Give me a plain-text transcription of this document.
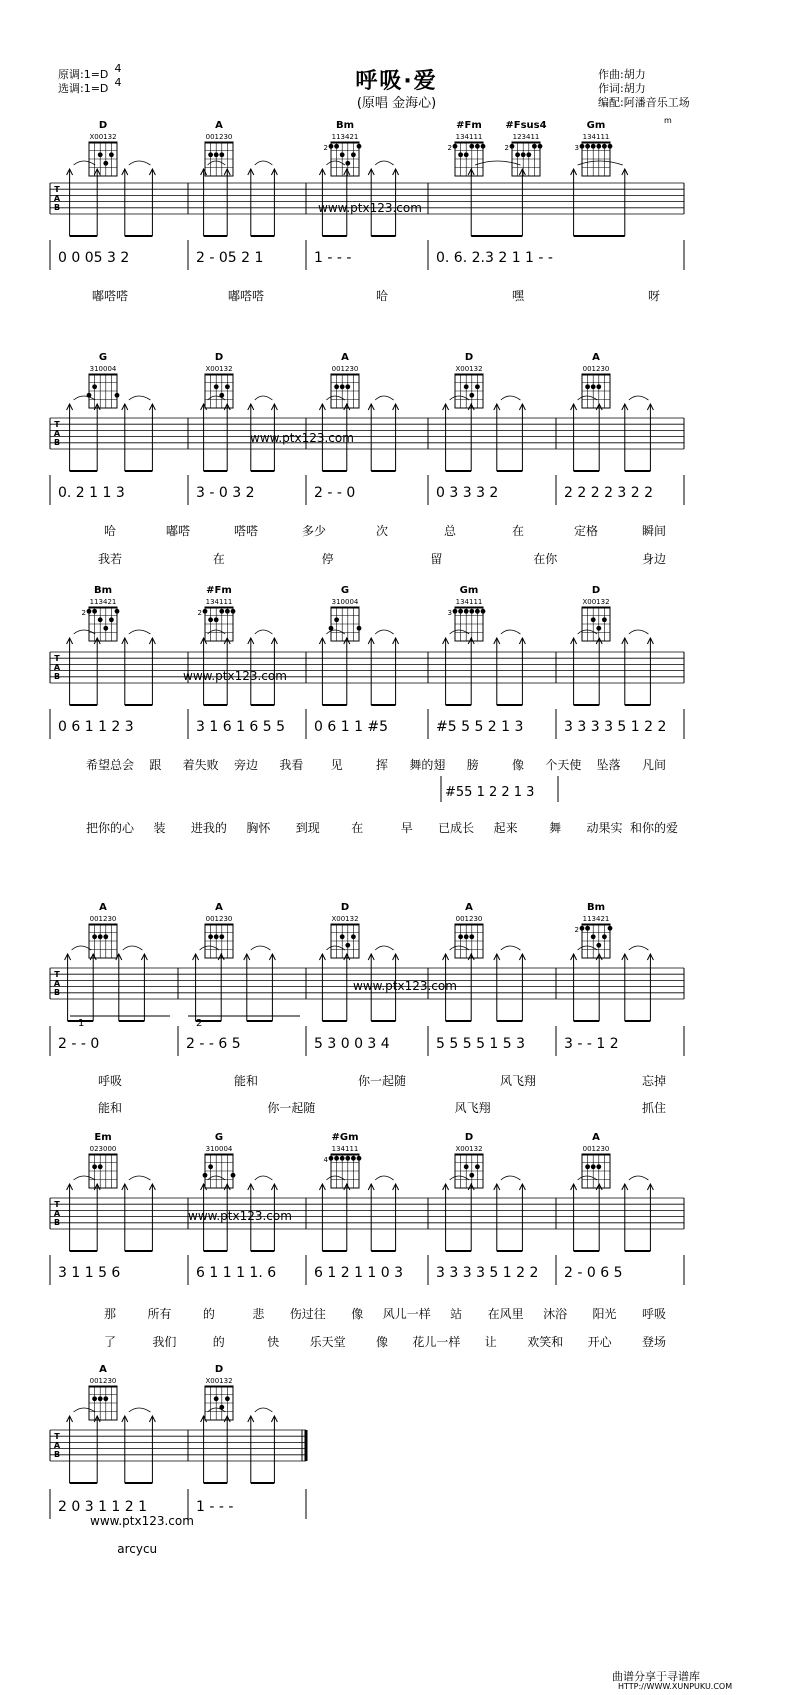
呼吸·爱
(原唱 金海心)
原调:1=D
选调:1=D
4
4
作曲:胡力
作词:胡力
编配:阿潘音乐工场
m
D
X00132
A
001230
Bm
113421
2
#Fm
134111
2
#Fsus4
123411
2
Gm
134111
3
T
A
B
0 0 05 3 2	2 - 05 2 1	1 - - -	0. 6. 2.3 2 1 1 - -
嘟嗒嗒	嘟嗒嗒	哈	嘿	呀
www.ptx123.com
G
310004
D
X00132
A
001230
D
X00132
A
001230
T
A
B
0. 2 1 1 3	3 - 0 3 2	2 - - 0	0 3 3 3 2	2 2 2 2 3 2 2
哈	嘟嗒	嗒嗒	多少	次	总	在	定格	瞬间
我若	在	停	留	在你	身边
www.ptx123.com
Bm
113421
2
#Fm
134111
2
G
310004
Gm
134111
3
D
X00132
T
A
B
0 6 1 1 2 3	3 1 6 1 6 5 5 0 6 1 1 #5	#5 5 5 2 1 3	3 3 3 3 5 1 2 2
希望总会 跟 着失败 旁边 我看 见	挥 舞的翅 膀	像 个天使 坠落 凡间
把你的心 装 进我的 胸怀 到现	在	早 已成长 起来	舞 动果实 和你的爱
www.ptx123.com
#55 1 2 2 1 3
A
001230
A
001230
D
X00132
A
001230
Bm
113421
2
T
A
B
2 - - 0	2 - - 6 5	5 3 0 0 3 4	5 5 5 5 1 5 3	3 - - 1 2
呼吸	能和	你一起随	风飞翔	忘掉
能和	你一起随	风飞翔	抓住
www.ptx123.com
1	2
Em
023000
G
310004
#Gm
134111
4
D
X00132
A
001230
T
A
B
3 1 1 5 6	6 1 1 1 1. 6	6 1 2 1 1 0 3 3 3 3 3 5 1 2 2 2 - 0 6 5
那	所有	的	悲 伤过往 像 风儿一样 站 在风里 沐浴 阳光 呼吸
了	我们	的	快	乐天堂	像 花儿一样 让	欢笑和 开心	登场
www.ptx123.com
A
001230
D
X00132
T
A
B
2 0 3 1 1 2 1	1 - - -
arcycu
www.ptx123.com
曲谱分享于寻谱库
HTTP://WWW.XUNPUKU.COM
